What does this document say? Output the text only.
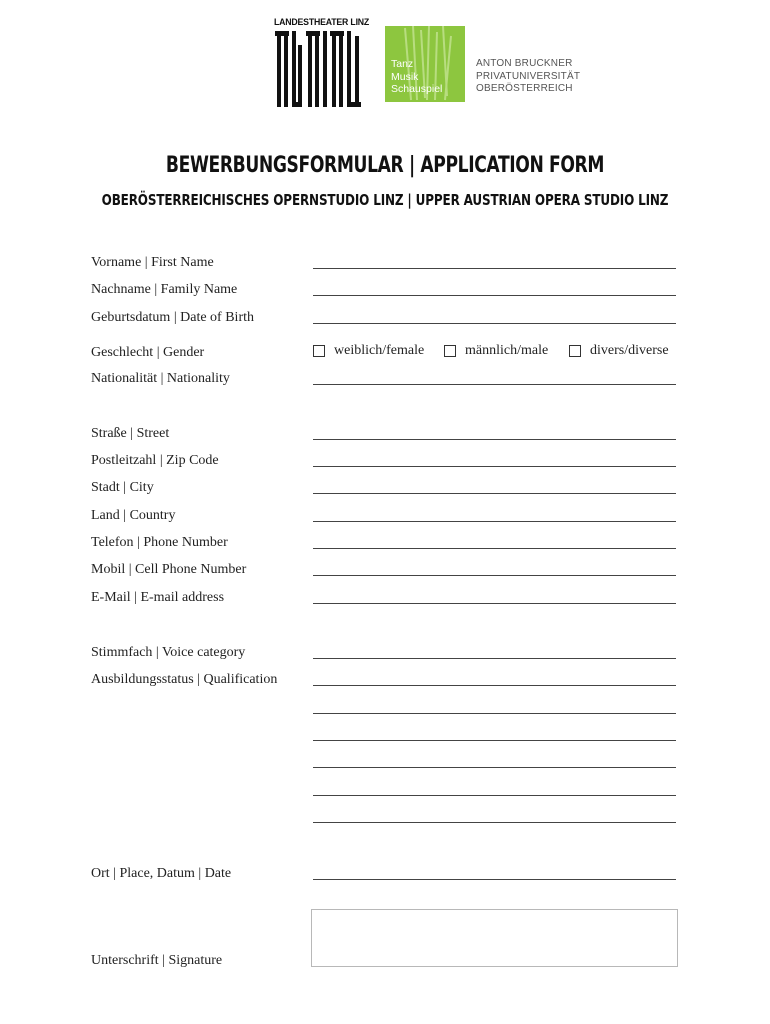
LANDESTHEATER LINZ
Tanz
Musik
Schauspiel
ANTON BRUCKNER
PRIVATUNIVERSITÄT
OBERÖSTERREICH
BEWERBUNGSFORMULAR | APPLICATION FORM
OBERÖSTERREICHISCHES OPERNSTUDIO LINZ | UPPER AUSTRIAN OPERA STUDIO LINZ
Vorname | First Name
Nachname | Family Name
Geburtsdatum | Date of Birth
Geschlecht | Gender	weiblich/female	männlich/male	divers/diverse
Nationalität | Nationality
Straße | Street
Postleitzahl | Zip Code
Stadt | City
Land | Country
Telefon | Phone Number
Mobil | Cell Phone Number
E-Mail | E-mail address
Stimmfach | Voice category
Ausbildungsstatus | Qualification
Ort | Place, Datum | Date
Unterschrift | Signature
